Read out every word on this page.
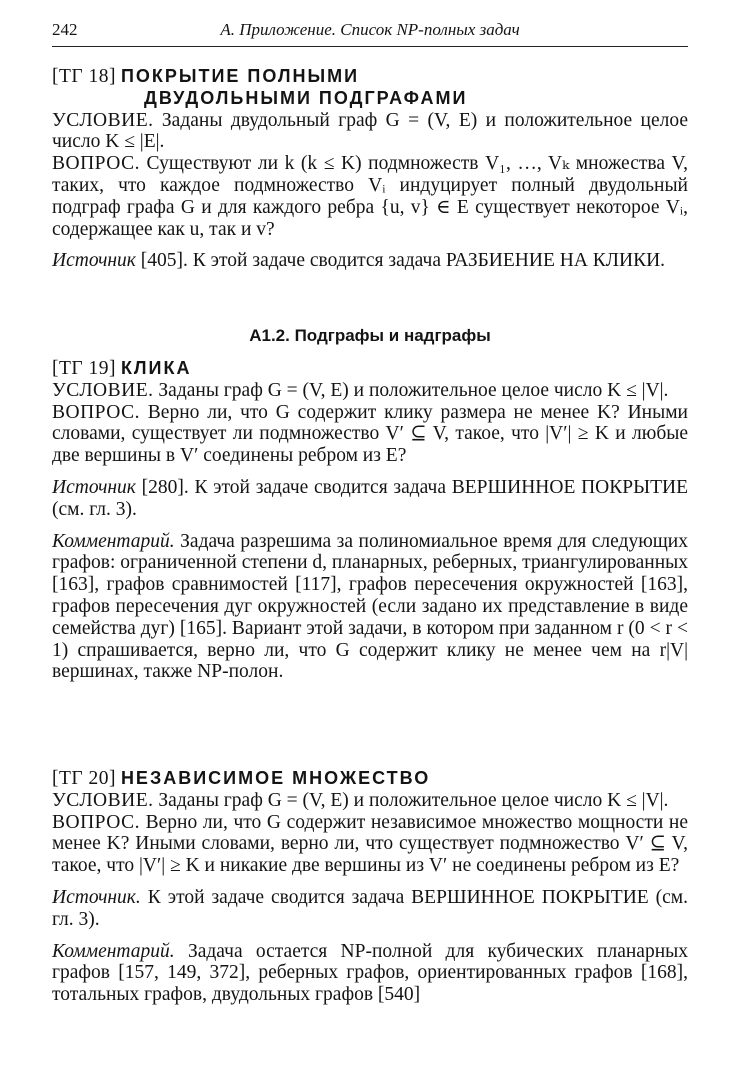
242	А. Приложение. Список NP-полных задач

[ТГ 18] ПОКРЫТИЕ ПОЛНЫМИ
ДВУДОЛЬНЫМИ ПОДГРАФАМИ

УСЛОВИЕ. Заданы двудольный граф G = (V, E) и положительное целое число K ≤ |E|.

ВОПРОС. Существуют ли k (k ≤ K) подмножеств V₁, …, Vₖ множества V, таких, что каждое подмножество Vᵢ индуцирует полный двудольный подграф графа G и для каждого ребра {u, v} ∈ E существует некоторое Vᵢ, содержащее как u, так и v?

Источник [405]. К этой задаче сводится задача РАЗБИЕНИЕ НА КЛИКИ.

А1.2. Подграфы и надграфы

[ТГ 19] КЛИКА

УСЛОВИЕ. Заданы граф G = (V, E) и положительное целое число K ≤ |V|.

ВОПРОС. Верно ли, что G содержит клику размера не менее K? Иными словами, существует ли подмножество V′ ⊆ V, такое, что |V′| ≥ K и любые две вершины в V′ соединены ребром из E?

Источник [280]. К этой задаче сводится задача ВЕРШИННОЕ ПОКРЫТИЕ (см. гл. 3).

Комментарий. Задача разрешима за полиномиальное время для следующих графов: ограниченной степени d, планарных, реберных, триангулированных [163], графов сравнимостей [117], графов пересечения окружностей [163], графов пересечения дуг окружностей (если задано их представление в виде семейства дуг) [165]. Вариант этой задачи, в котором при заданном r (0 < r < 1) спрашивается, верно ли, что G содержит клику не менее чем на r|V| вершинах, также NP-полон.

[ТГ 20] НЕЗАВИСИМОЕ МНОЖЕСТВО

УСЛОВИЕ. Заданы граф G = (V, E) и положительное целое число K ≤ |V|.

ВОПРОС. Верно ли, что G содержит независимое множество мощности не менее K? Иными словами, верно ли, что существует подмножество V′ ⊆ V, такое, что |V′| ≥ K и никакие две вершины из V′ не соединены ребром из E?

Источник. К этой задаче сводится задача ВЕРШИННОЕ ПОКРЫТИЕ (см. гл. 3).

Комментарий. Задача остается NP-полной для кубических планарных графов [157, 149, 372], реберных графов, ориентированных графов [168], тотальных графов, двудольных графов [540]
